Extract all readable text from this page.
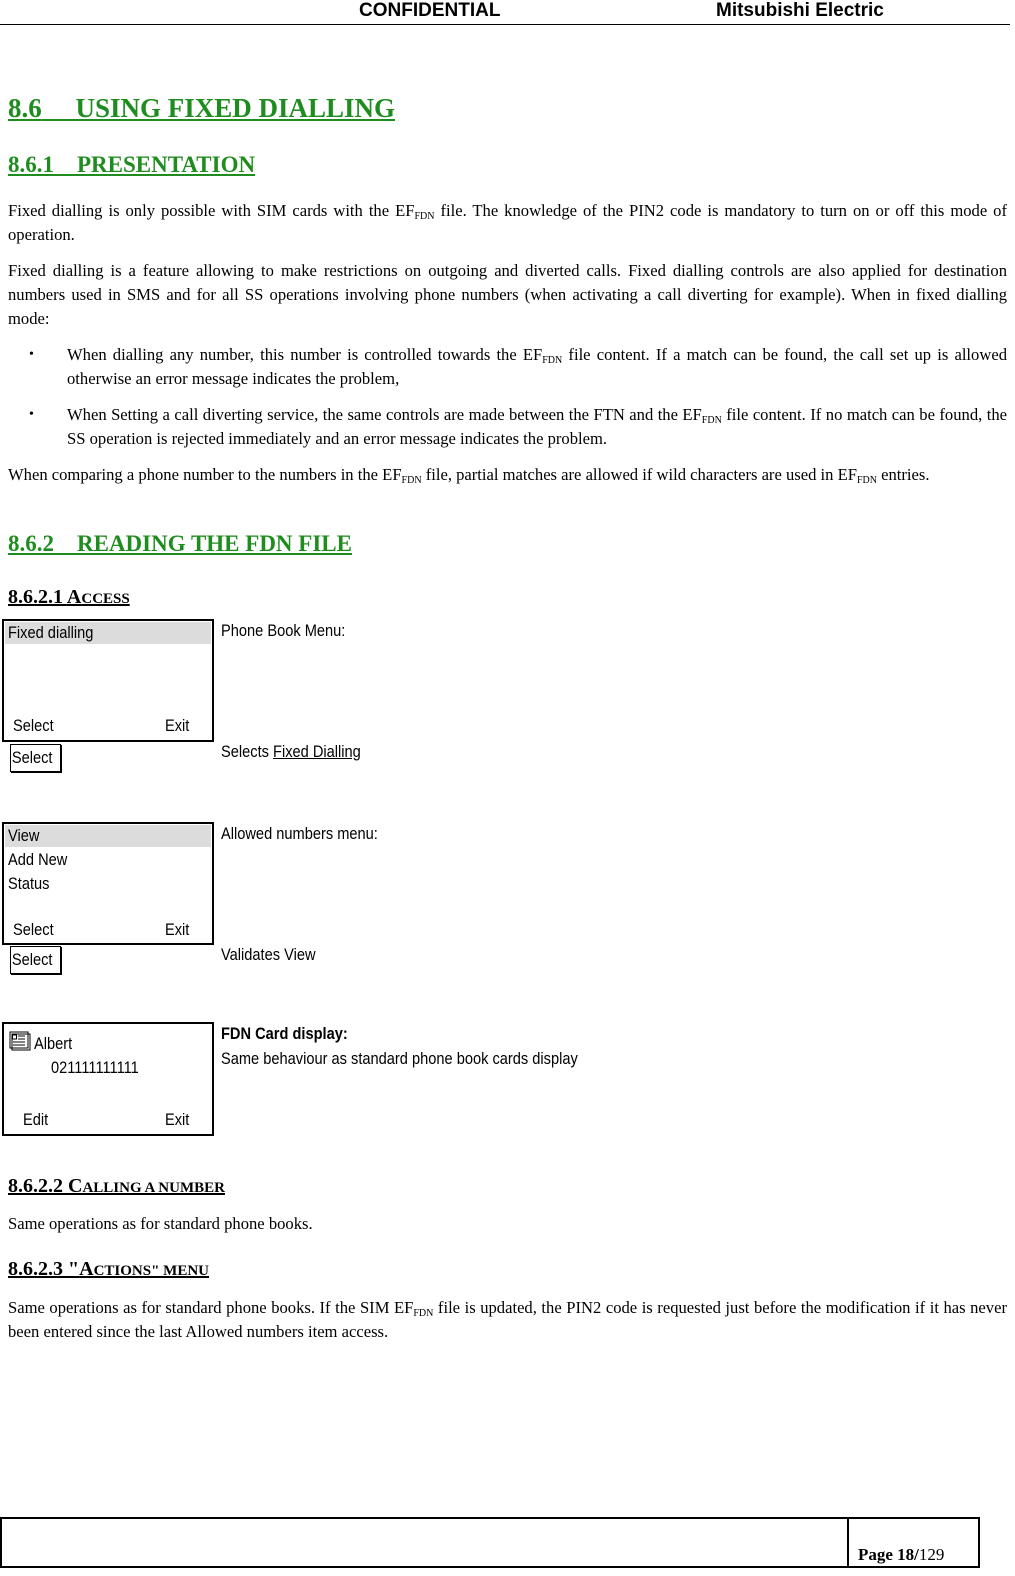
CONFIDENTIAL	Mitsubishi Electric
8.6 USING FIXED DIALLING
8.6.1 PRESENTATION
Fixed dialling is only possible with SIM cards with the $EF_{FDN}$ file. The knowledge of the PIN2 code is mandatory to turn on or off this mode of operation.
Fixed dialling is a feature allowing to make restrictions on outgoing and diverted calls. Fixed dialling controls are also applied for destination numbers used in SMS and for all SS operations involving phone numbers (when activating a call diverting for example). When in fixed dialling mode:
• When dialling any number, this number is controlled towards the $EF_{FDN}$ file content. If a match can be found, the call set up is allowed otherwise an error message indicates the problem,
• When Setting a call diverting service, the same controls are made between the FTN and the $EF_{FDN}$ file content. If no match can be found, the SS operation is rejected immediately and an error message indicates the problem.
When comparing a phone number to the numbers in the $EF_{FDN}$ file, partial matches are allowed if wild characters are used in $EF_{FDN}$ entries.
8.6.2 READING THE FDN FILE
8.6.2.1 ACCESS
Fixed dialling
Select	Exit
Phone Book Menu:
Select	Selects Fixed Dialling
View
Add New
Status
Select	Exit
Allowed numbers menu:
Select	Validates View
Albert
021111111111
Edit	Exit
FDN Card display:
Same behaviour as standard phone book cards display
8.6.2.2 CALLING A NUMBER
Same operations as for standard phone books.
8.6.2.3 "ACTIONS" MENU
Same operations as for standard phone books. If the SIM $EF_{FDN}$ file is updated, the PIN2 code is requested just before the modification if it has never been entered since the last Allowed numbers item access.
Page 18/129
